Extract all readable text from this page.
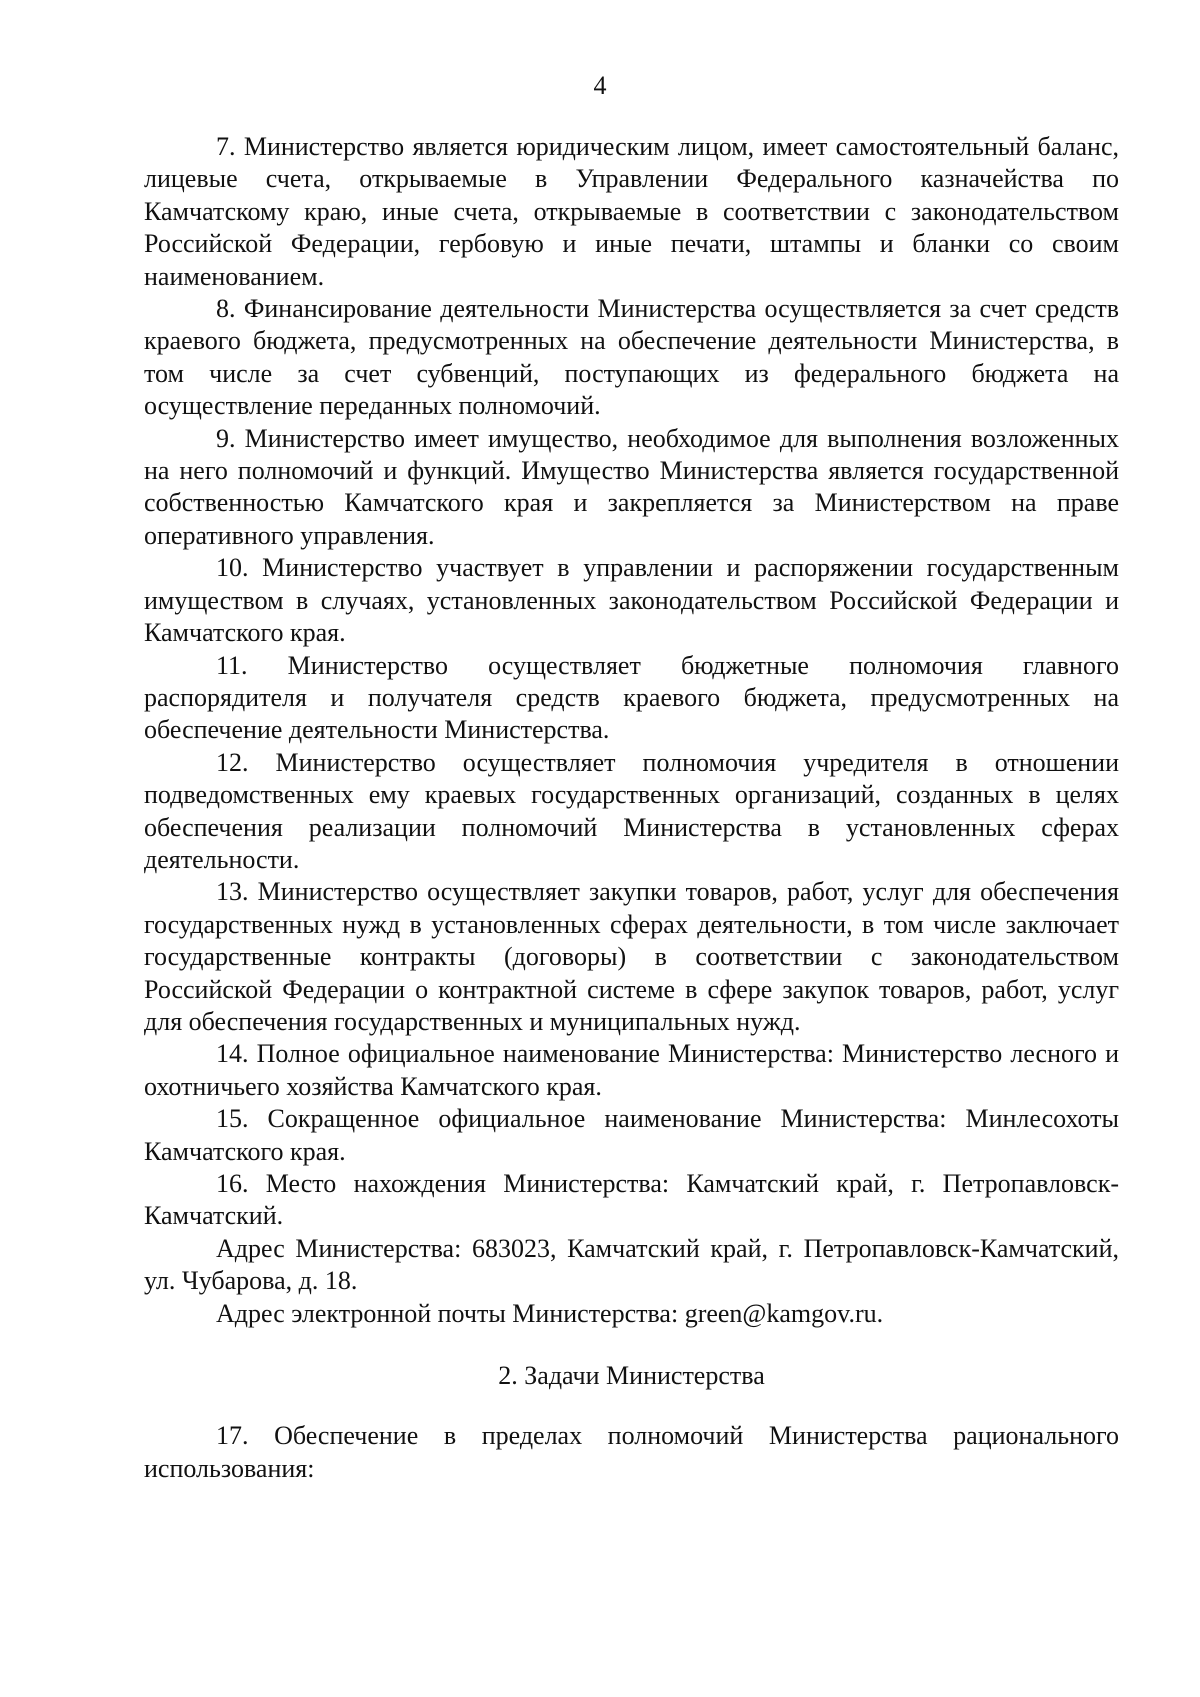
4

7. Министерство является юридическим лицом, имеет самостоятельный баланс, лицевые счета, открываемые в Управлении Федерального казначейства по Камчатскому краю, иные счета, открываемые в соответствии с законодательством Российской Федерации, гербовую и иные печати, штампы и бланки со своим наименованием.

8. Финансирование деятельности Министерства осуществляется за счет средств краевого бюджета, предусмотренных на обеспечение деятельности Министерства, в том числе за счет субвенций, поступающих из федерального бюджета на осуществление переданных полномочий.

9. Министерство имеет имущество, необходимое для выполнения возложенных на него полномочий и функций. Имущество Министерства является государственной собственностью Камчатского края и закрепляется за Министерством на праве оперативного управления.

10. Министерство участвует в управлении и распоряжении государственным имуществом в случаях, установленных законодательством Российской Федерации и Камчатского края.

11. Министерство осуществляет бюджетные полномочия главного распорядителя и получателя средств краевого бюджета, предусмотренных на обеспечение деятельности Министерства.

12. Министерство осуществляет полномочия учредителя в отношении подведомственных ему краевых государственных организаций, созданных в целях обеспечения реализации полномочий Министерства в установленных сферах деятельности.

13. Министерство осуществляет закупки товаров, работ, услуг для обеспечения государственных нужд в установленных сферах деятельности, в том числе заключает государственные контракты (договоры) в соответствии с законодательством Российской Федерации о контрактной системе в сфере закупок товаров, работ, услуг для обеспечения государственных и муниципальных нужд.

14. Полное официальное наименование Министерства: Министерство лесного и охотничьего хозяйства Камчатского края.

15. Сокращенное официальное наименование Министерства: Минлесохоты Камчатского края.

16. Место нахождения Министерства: Камчатский край, г. Петропавловск-Камчатский.

Адрес Министерства: 683023, Камчатский край, г. Петропавловск-Камчатский, ул. Чубарова, д. 18.

Адрес электронной почты Министерства: green@kamgov.ru.

2. Задачи Министерства

17. Обеспечение в пределах полномочий Министерства рационального использования:
